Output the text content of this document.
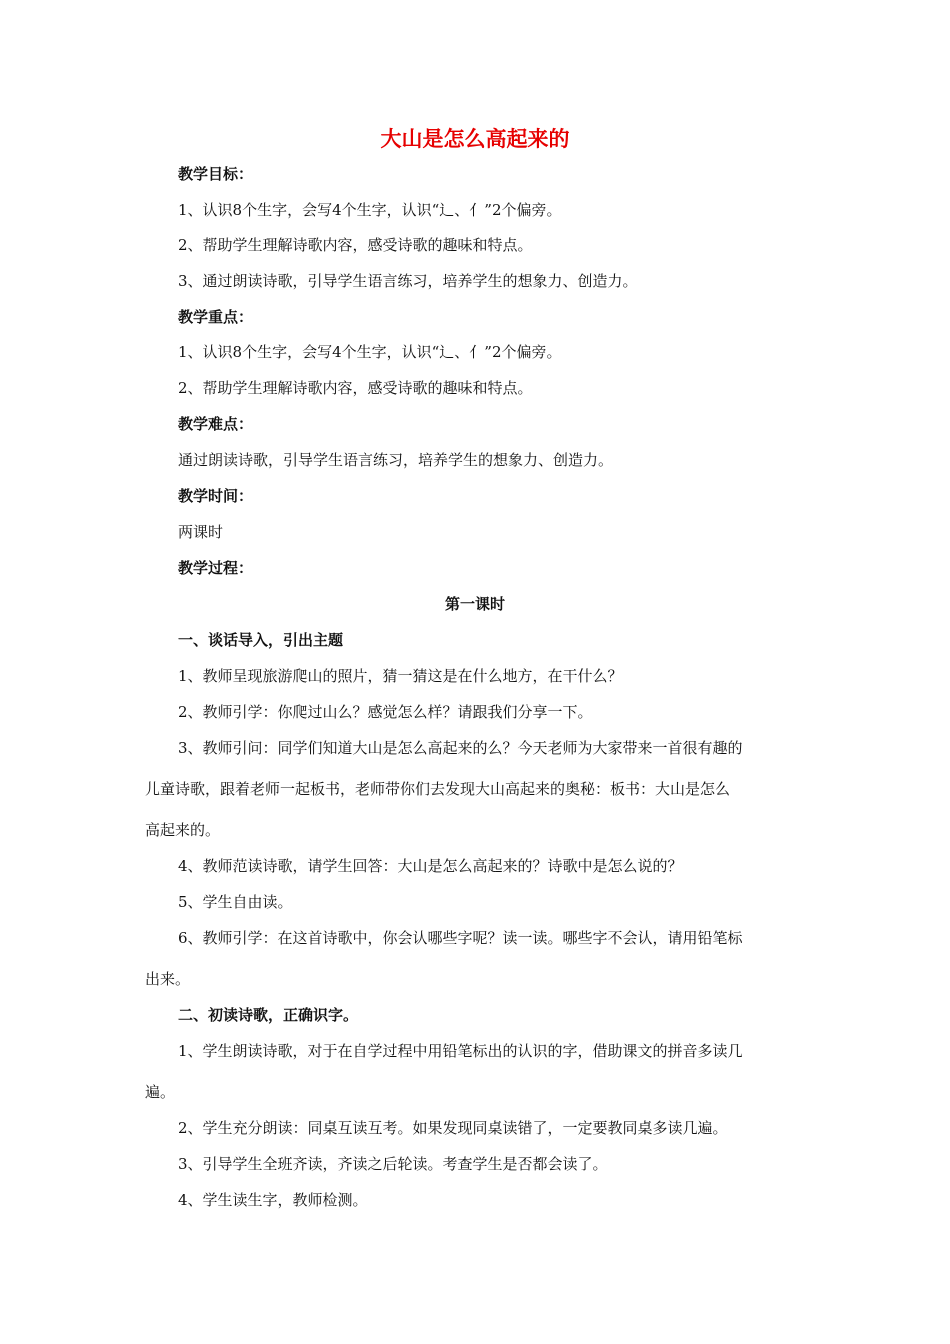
大山是怎么高起来的
教学目标：
1、认识8个生字，会写4个生字，认识“辶、亻”2个偏旁。
2、帮助学生理解诗歌内容，感受诗歌的趣味和特点。
3、通过朗读诗歌，引导学生语言练习，培养学生的想象力、创造力。
教学重点：
1、认识8个生字，会写4个生字，认识“辶、亻”2个偏旁。
2、帮助学生理解诗歌内容，感受诗歌的趣味和特点。
教学难点：
通过朗读诗歌，引导学生语言练习，培养学生的想象力、创造力。
教学时间：
两课时
教学过程：
第一课时
一、谈话导入，引出主题
1、教师呈现旅游爬山的照片，猜一猜这是在什么地方，在干什么？
2、教师引学：你爬过山么？感觉怎么样？请跟我们分享一下。
3、教师引问：同学们知道大山是怎么高起来的么？今天老师为大家带来一首很有趣的
儿童诗歌，跟着老师一起板书，老师带你们去发现大山高起来的奥秘：板书：大山是怎么
高起来的。
4、教师范读诗歌，请学生回答：大山是怎么高起来的？诗歌中是怎么说的？
5、学生自由读。
6、教师引学：在这首诗歌中，你会认哪些字呢？读一读。哪些字不会认，请用铅笔标
出来。
二、初读诗歌，正确识字。
1、学生朗读诗歌，对于在自学过程中用铅笔标出的认识的字，借助课文的拼音多读几
遍。
2、学生充分朗读：同桌互读互考。如果发现同桌读错了，一定要教同桌多读几遍。
3、引导学生全班齐读，齐读之后轮读。考查学生是否都会读了。
4、学生读生字，教师检测。
